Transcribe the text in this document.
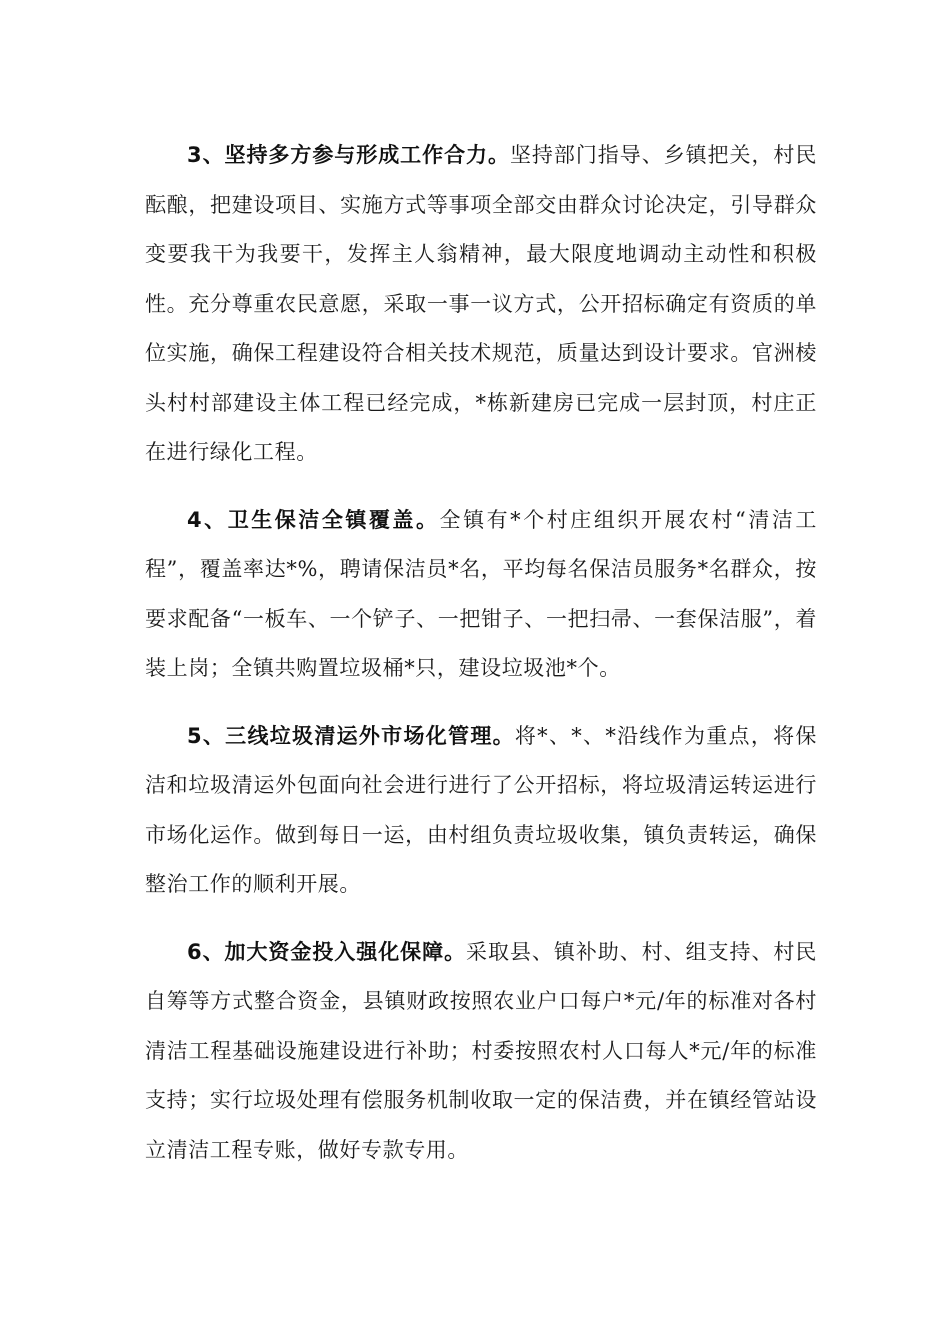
3、坚持多方参与形成工作合力。坚持部门指导、乡镇把关，村民酝酿，把建设项目、实施方式等事项全部交由群众讨论决定，引导群众变要我干为我要干，发挥主人翁精神，最大限度地调动主动性和积极性。充分尊重农民意愿，采取一事一议方式，公开招标确定有资质的单位实施，确保工程建设符合相关技术规范，质量达到设计要求。官洲棱头村村部建设主体工程已经完成，*栋新建房已完成一层封顶，村庄正在进行绿化工程。

4、卫生保洁全镇覆盖。全镇有*个村庄组织开展农村“清洁工程”，覆盖率达*%，聘请保洁员*名，平均每名保洁员服务*名群众，按要求配备“一板车、一个铲子、一把钳子、一把扫帚、一套保洁服”，着装上岗；全镇共购置垃圾桶*只，建设垃圾池*个。

5、三线垃圾清运外市场化管理。将*、*、*沿线作为重点，将保洁和垃圾清运外包面向社会进行进行了公开招标，将垃圾清运转运进行市场化运作。做到每日一运，由村组负责垃圾收集，镇负责转运，确保整治工作的顺利开展。

6、加大资金投入强化保障。采取县、镇补助、村、组支持、村民自筹等方式整合资金，县镇财政按照农业户口每户*元/年的标准对各村清洁工程基础设施建设进行补助；村委按照农村人口每人*元/年的标准支持；实行垃圾处理有偿服务机制收取一定的保洁费，并在镇经管站设立清洁工程专账，做好专款专用。
